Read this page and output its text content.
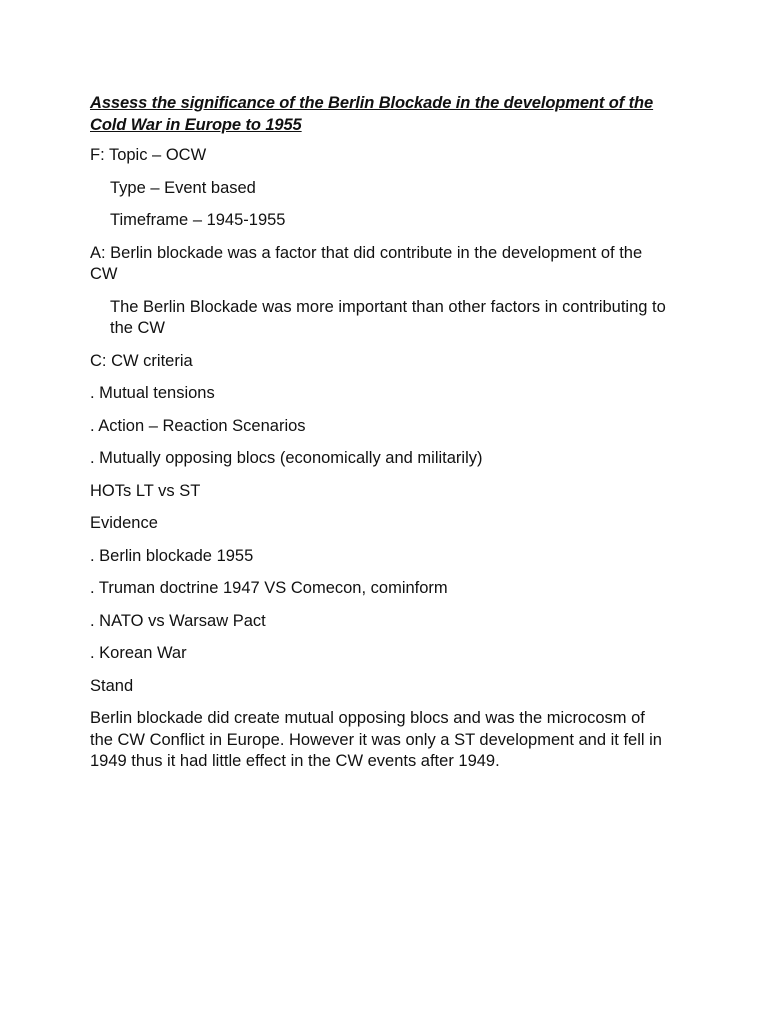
Assess the significance of the Berlin Blockade in the development of the Cold War in Europe to 1955
F: Topic – OCW
Type – Event based
Timeframe – 1945-1955
A: Berlin blockade was a factor that did contribute in the development of the CW
The Berlin Blockade was more important than other factors in contributing to the CW
C: CW criteria
. Mutual tensions
. Action – Reaction Scenarios
. Mutually opposing blocs (economically and militarily)
HOTs LT vs ST
Evidence
. Berlin blockade 1955
. Truman doctrine 1947 VS Comecon, cominform
. NATO vs Warsaw Pact
. Korean War
Stand
Berlin blockade did create mutual opposing blocs and was the microcosm of the CW Conflict in Europe. However it was only a ST development and it fell in 1949 thus it had little effect in the CW events after 1949.
